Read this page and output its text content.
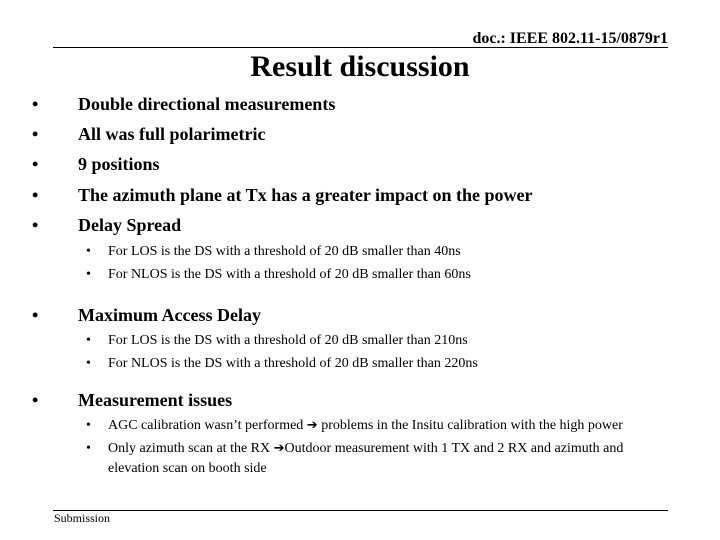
doc.: IEEE 802.11-15/0879r1
Result discussion
• Double directional measurements
• All was full polarimetric
• 9 positions
• The azimuth plane at Tx has a greater impact on the power
• Delay Spread
• For LOS is the DS with a threshold of 20 dB smaller than 40ns
• For NLOS is the DS with a threshold of 20 dB smaller than 60ns
• Maximum Access Delay
• For LOS is the DS with a threshold of 20 dB smaller than 210ns
• For NLOS is the DS with a threshold of 20 dB smaller than 220ns
• Measurement issues
• AGC calibration wasn’t performed ➔ problems in the Insitu calibration with the high power
• Only azimuth scan at the RX ➔Outdoor measurement with 1 TX and 2 RX and azimuth and
elevation scan on booth side
Submission
